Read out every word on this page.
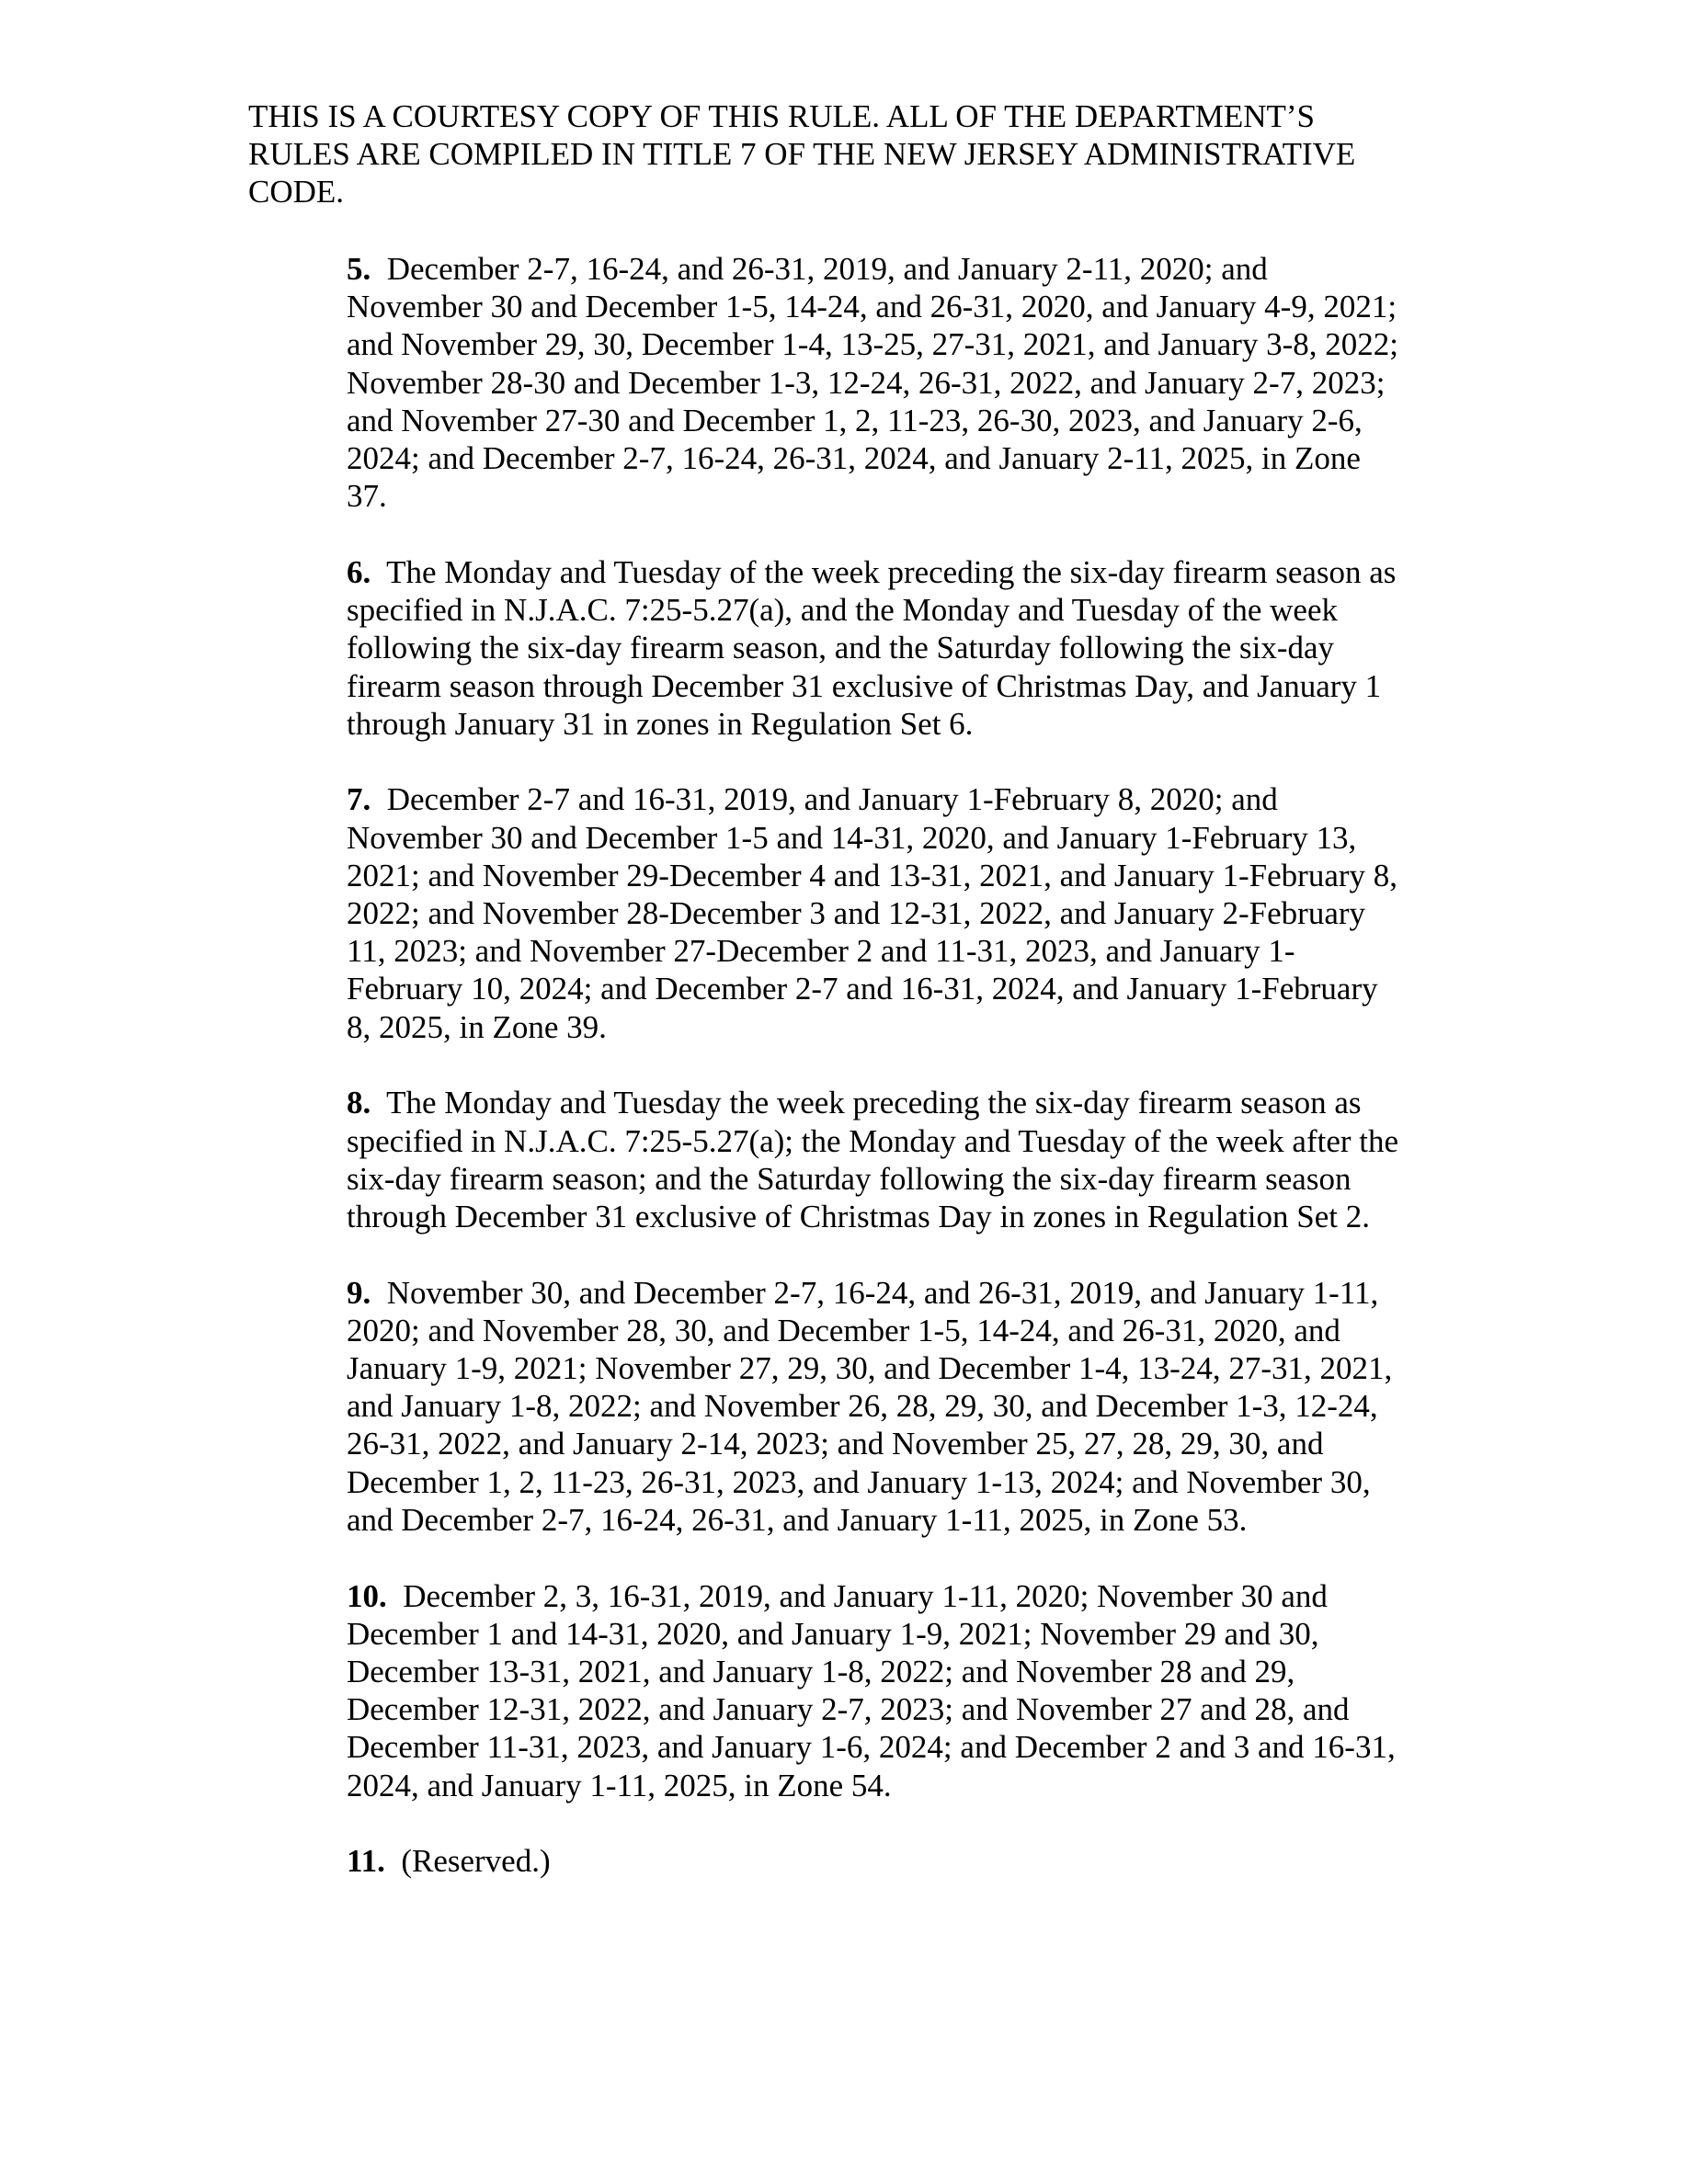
THIS IS A COURTESY COPY OF THIS RULE. ALL OF THE DEPARTMENT’S
RULES ARE COMPILED IN TITLE 7 OF THE NEW JERSEY ADMINISTRATIVE
CODE.
5. December 2-7, 16-24, and 26-31, 2019, and January 2-11, 2020; and
November 30 and December 1-5, 14-24, and 26-31, 2020, and January 4-9, 2021;
and November 29, 30, December 1-4, 13-25, 27-31, 2021, and January 3-8, 2022;
November 28-30 and December 1-3, 12-24, 26-31, 2022, and January 2-7, 2023;
and November 27-30 and December 1, 2, 11-23, 26-30, 2023, and January 2-6,
2024; and December 2-7, 16-24, 26-31, 2024, and January 2-11, 2025, in Zone
37.
6. The Monday and Tuesday of the week preceding the six-day firearm season as
specified in N.J.A.C. 7:25-5.27(a), and the Monday and Tuesday of the week
following the six-day firearm season, and the Saturday following the six-day
firearm season through December 31 exclusive of Christmas Day, and January 1
through January 31 in zones in Regulation Set 6.
7. December 2-7 and 16-31, 2019, and January 1-February 8, 2020; and
November 30 and December 1-5 and 14-31, 2020, and January 1-February 13,
2021; and November 29-December 4 and 13-31, 2021, and January 1-February 8,
2022; and November 28-December 3 and 12-31, 2022, and January 2-February
11, 2023; and November 27-December 2 and 11-31, 2023, and January 1-
February 10, 2024; and December 2-7 and 16-31, 2024, and January 1-February
8, 2025, in Zone 39.
8. The Monday and Tuesday the week preceding the six-day firearm season as
specified in N.J.A.C. 7:25-5.27(a); the Monday and Tuesday of the week after the
six-day firearm season; and the Saturday following the six-day firearm season
through December 31 exclusive of Christmas Day in zones in Regulation Set 2.
9. November 30, and December 2-7, 16-24, and 26-31, 2019, and January 1-11,
2020; and November 28, 30, and December 1-5, 14-24, and 26-31, 2020, and
January 1-9, 2021; November 27, 29, 30, and December 1-4, 13-24, 27-31, 2021,
and January 1-8, 2022; and November 26, 28, 29, 30, and December 1-3, 12-24,
26-31, 2022, and January 2-14, 2023; and November 25, 27, 28, 29, 30, and
December 1, 2, 11-23, 26-31, 2023, and January 1-13, 2024; and November 30,
and December 2-7, 16-24, 26-31, and January 1-11, 2025, in Zone 53.
10. December 2, 3, 16-31, 2019, and January 1-11, 2020; November 30 and
December 1 and 14-31, 2020, and January 1-9, 2021; November 29 and 30,
December 13-31, 2021, and January 1-8, 2022; and November 28 and 29,
December 12-31, 2022, and January 2-7, 2023; and November 27 and 28, and
December 11-31, 2023, and January 1-6, 2024; and December 2 and 3 and 16-31,
2024, and January 1-11, 2025, in Zone 54.
11. (Reserved.)
